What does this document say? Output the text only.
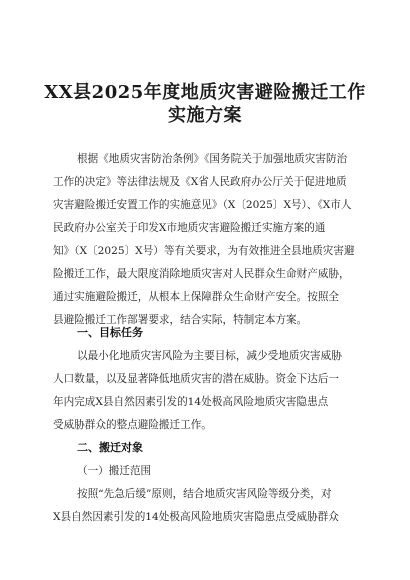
XX县2025年度地质灾害避险搬迁工作
实施方案
根据《地质灾害防治条例》《国务院关于加强地质灾害防治
工作的决定》等法律法规及《X省人民政府办公厅关于促进地质
灾害避险搬迁安置工作的实施意见》（X〔2025〕X号）、《X市人
民政府办公室关于印发X市地质灾害避险搬迁实施方案的通
知》（X〔2025〕X号）等有关要求，为有效推进全县地质灾害避
险搬迁工作，最大限度消除地质灾害对人民群众生命财产威胁，
通过实施避险搬迁，从根本上保障群众生命财产安全。按照全
县避险搬迁工作部署要求，结合实际，特制定本方案。
一、目标任务
以最小化地质灾害风险为主要目标，减少受地质灾害威胁
人口数量，以及显著降低地质灾害的潜在威胁。资金下达后一
年内完成X县自然因素引发的14处极高风险地质灾害隐患点
受威胁群众的整点避险搬迁工作。
二、搬迁对象
（一）搬迁范围
按照“先急后缓”原则，结合地质灾害风险等级分类，对
X县自然因素引发的14处极高风险地质灾害隐患点受威胁群众
